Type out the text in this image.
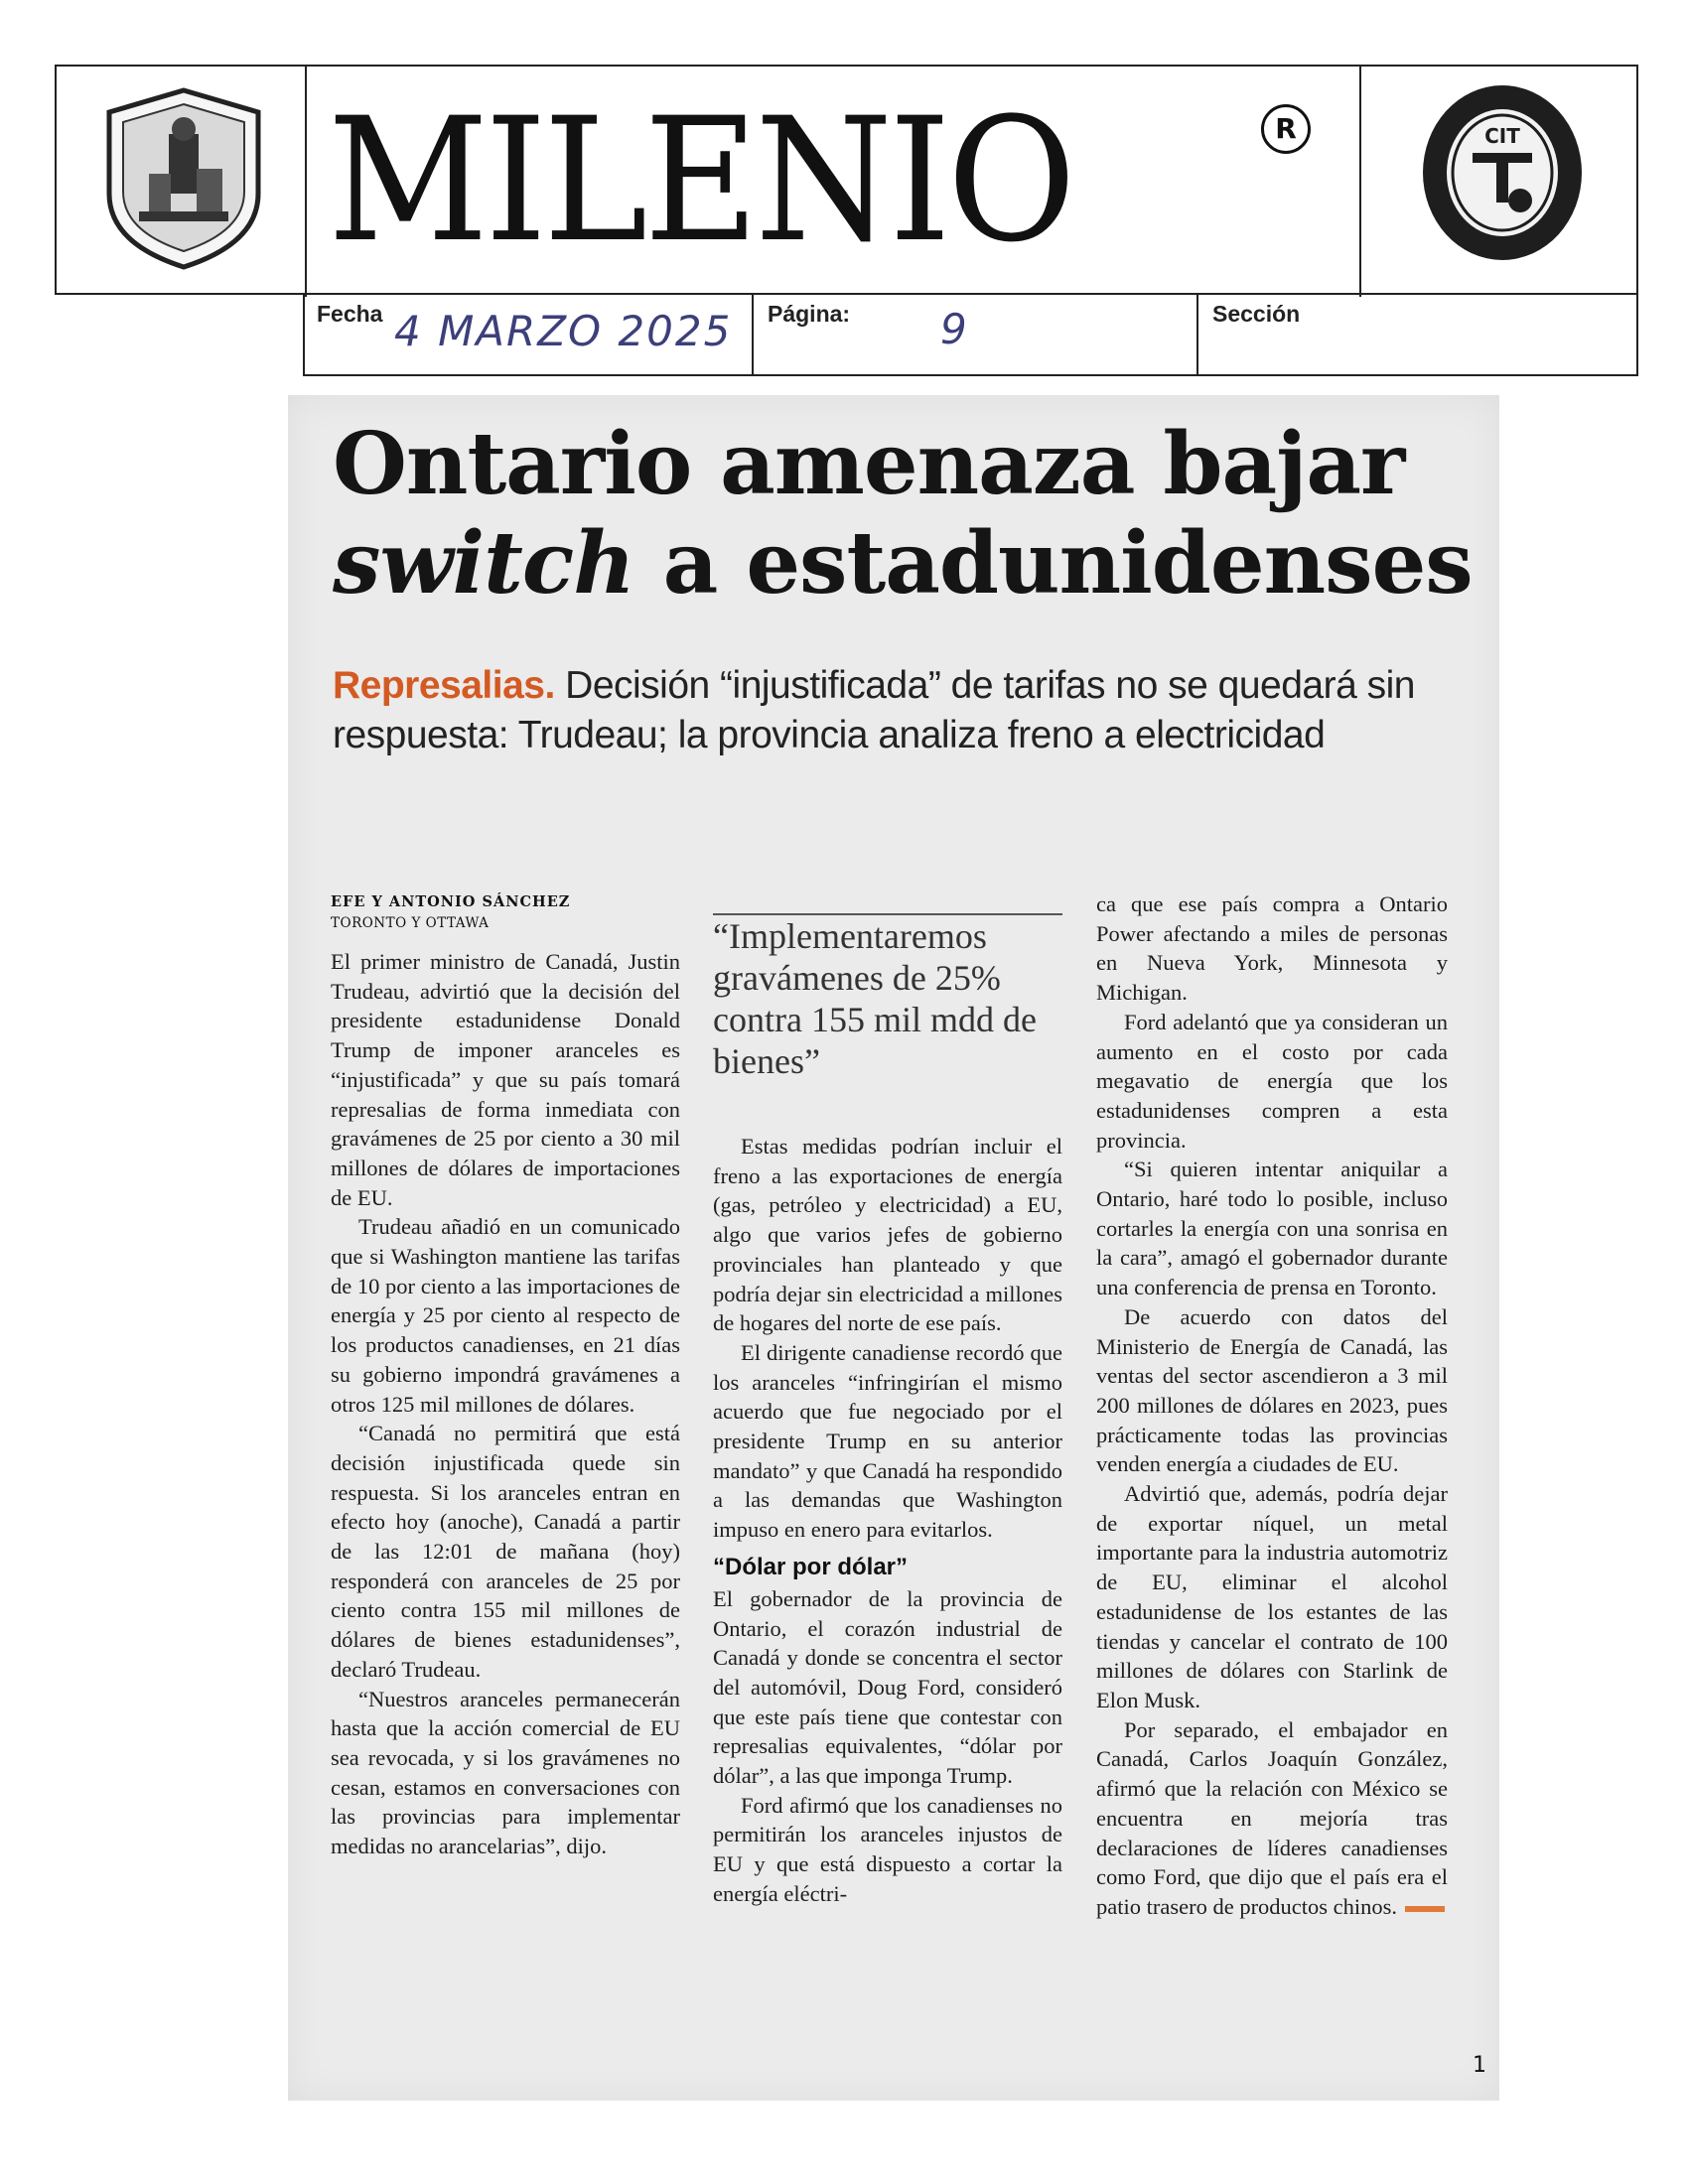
MILENIO	R	CIT
Fecha 4 MARZO 2025 Página: 9	Sección
Ontario amenaza bajar
switch a estadunidenses
Represalias. Decisión “injustificada” de tarifas no se quedará sin respuesta: Trudeau; la provincia analiza freno a electricidad
EFE Y ANTONIO SÁNCHEZ
TORONTO Y OTTAWA

El primer ministro de Canadá, Justin Trudeau, advirtió que la decisión del presidente estadunidense Donald Trump de imponer aranceles es “injustificada” y que su país tomará represalias de forma inmediata con gravámenes de 25 por ciento a 30 mil millones de dólares de importaciones de EU.

Trudeau añadió en un comunicado que si Washington mantiene las tarifas de 10 por ciento a las importaciones de energía y 25 por ciento al respecto de los productos canadienses, en 21 días su gobierno impondrá gravámenes a otros 125 mil millones de dólares.

“Canadá no permitirá que está decisión injustificada quede sin respuesta. Si los aranceles entran en efecto hoy (anoche), Canadá a partir de las 12:01 de mañana (hoy) responderá con aranceles de 25 por ciento contra 155 mil millones de dólares de bienes estadunidenses”, declaró Trudeau.

“Nuestros aranceles permanecerán hasta que la acción comercial de EU sea revocada, y si los gravámenes no cesan, estamos en conversaciones con las provincias para implementar medidas no arancelarias”, dijo.

“Implementaremos gravámenes de 25% contra 155 mil mdd de bienes”

Estas medidas podrían incluir el freno a las exportaciones de energía (gas, petróleo y electricidad) a EU, algo que varios jefes de gobierno provinciales han planteado y que podría dejar sin electricidad a millones de hogares del norte de ese país.

El dirigente canadiense recordó que los aranceles “infringirían el mismo acuerdo que fue negociado por el presidente Trump en su anterior mandato” y que Canadá ha respondido a las demandas que Washington impuso en enero para evitarlos.

“Dólar por dólar”

El gobernador de la provincia de Ontario, el corazón industrial de Canadá y donde se concentra el sector del automóvil, Doug Ford, consideró que este país tiene que contestar con represalias equivalentes, “dólar por dólar”, a las que imponga Trump.

Ford afirmó que los canadienses no permitirán los aranceles injustos de EU y que está dispuesto a cortar la energía eléctri-

ca que ese país compra a Ontario Power afectando a miles de personas en Nueva York, Minnesota y Michigan.

Ford adelantó que ya consideran un aumento en el costo por cada megavatio de energía que los estadunidenses compren a esta provincia.

“Si quieren intentar aniquilar a Ontario, haré todo lo posible, incluso cortarles la energía con una sonrisa en la cara”, amagó el gobernador durante una conferencia de prensa en Toronto.

De acuerdo con datos del Ministerio de Energía de Canadá, las ventas del sector ascendieron a 3 mil 200 millones de dólares en 2023, pues prácticamente todas las provincias venden energía a ciudades de EU.

Advirtió que, además, podría dejar de exportar níquel, un metal importante para la industria automotriz de EU, eliminar el alcohol estadunidense de los estantes de las tiendas y cancelar el contrato de 100 millones de dólares con Starlink de Elon Musk.

Por separado, el embajador en Canadá, Carlos Joaquín González, afirmó que la relación con México se encuentra en mejoría tras declaraciones de líderes canadienses como Ford, que dijo que el país era el patio trasero de productos chinos.

1
